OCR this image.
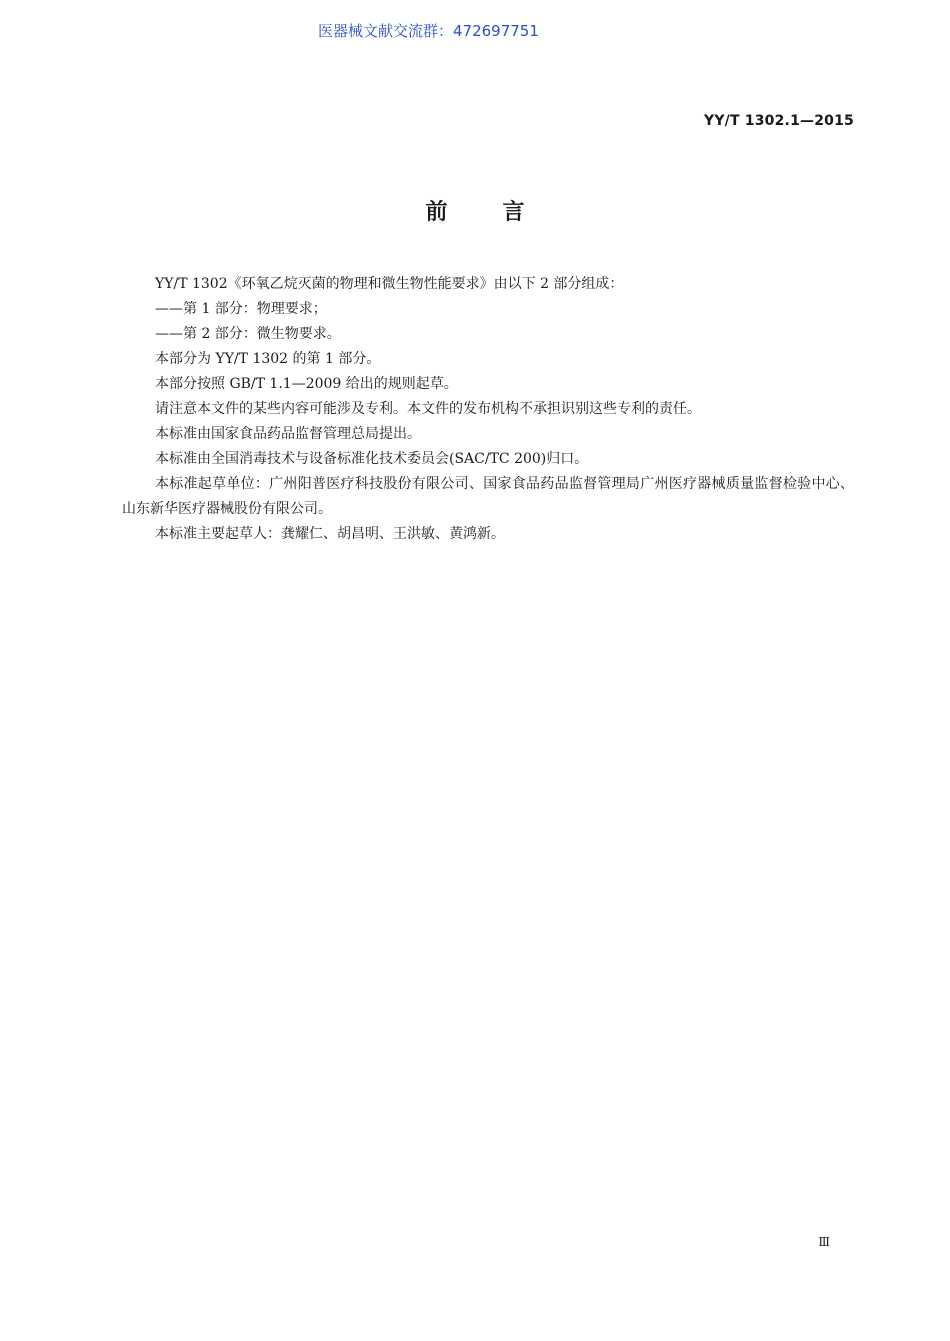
医器械文献交流群：472697751
YY/T 1302.1—2015
前言

YY/T 1302《环氧乙烷灭菌的物理和微生物性能要求》由以下 2 部分组成：

——第 1 部分：物理要求；

——第 2 部分：微生物要求。

本部分为 YY/T 1302 的第 1 部分。

本部分按照 GB/T 1.1—2009 给出的规则起草。

请注意本文件的某些内容可能涉及专利。本文件的发布机构不承担识别这些专利的责任。

本标准由国家食品药品监督管理总局提出。

本标准由全国消毒技术与设备标准化技术委员会(SAC/TC 200)归口。

本标准起草单位：广州阳普医疗科技股份有限公司、国家食品药品监督管理局广州医疗器械质量监督检验中心、山东新华医疗器械股份有限公司。

本标准主要起草人：龚耀仁、胡昌明、王洪敏、黄鸿新。

Ⅲ
